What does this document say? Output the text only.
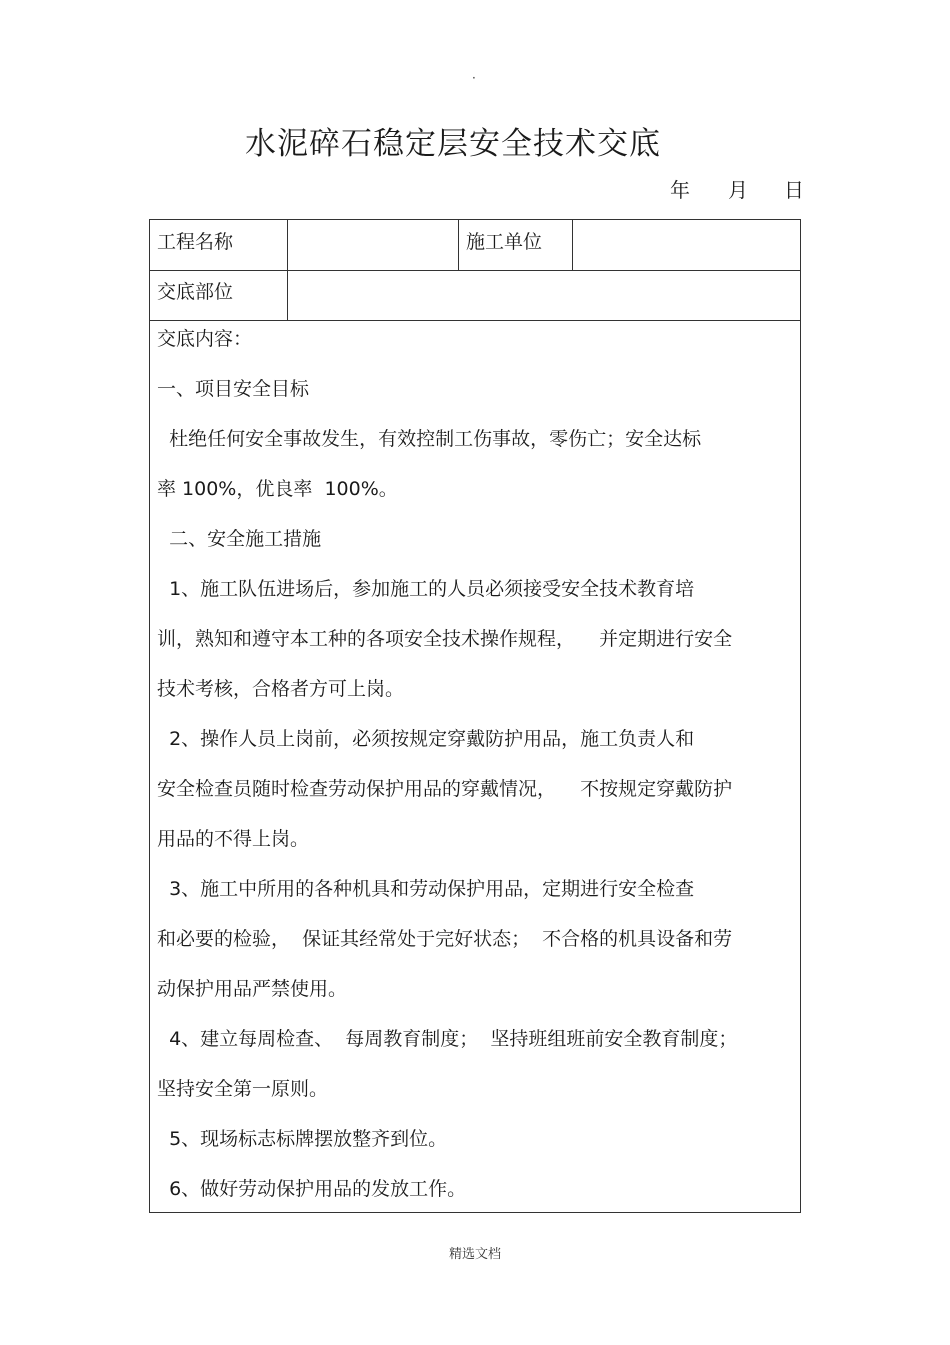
·
水泥碎石稳定层安全技术交底
年	月	日
工程名称	施工单位
交底部位
交底内容：
一、项目安全目标
杜绝任何安全事故发生，有效控制工伤事故，零伤亡；安全达标
率 100%，优良率  100%。
二、安全施工措施
1、施工队伍进场后，参加施工的人员必须接受安全技术教育培
训，熟知和遵守本工种的各项安全技术操作规程，    并定期进行安全
技术考核，合格者方可上岗。
2、操作人员上岗前，必须按规定穿戴防护用品，施工负责人和
安全检查员随时检查劳动保护用品的穿戴情况，    不按规定穿戴防护
用品的不得上岗。
3、施工中所用的各种机具和劳动保护用品，定期进行安全检查
和必要的检验，  保证其经常处于完好状态；  不合格的机具设备和劳
动保护用品严禁使用。
4、建立每周检查、  每周教育制度；  坚持班组班前安全教育制度；
坚持安全第一原则。
5、现场标志标牌摆放整齐到位。
6、做好劳动保护用品的发放工作。
精选文档
